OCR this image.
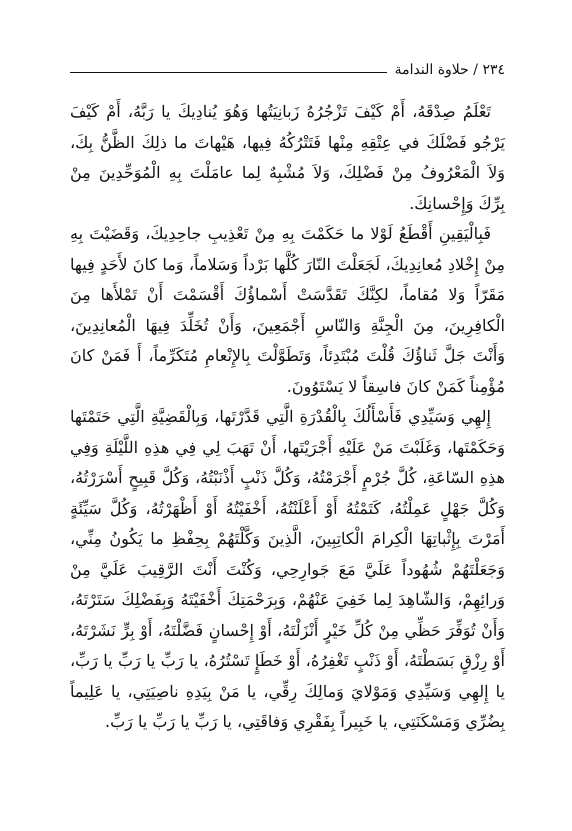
٢٣٤ / حلاوة الندامة

تَعْلَمُ صِدْقَهُ، أَمْ كَيْفَ تَزْجُرُهُ زَبانِيَتُها وَهُوَ يُنادِيكَ يا رَبَّهُ، أَمْ كَيْفَ يَرْجُو فَضْلَكَ في عِتْقِهِ مِنْها فَتَتْرُكُهُ فِيها، هَيْهاتَ ما ذلِكَ الظَّنُّ بِكَ، وَلاَ الْمَعْرُوفُ مِنْ فَضْلِكَ، وَلاَ مُشْبِهٌ لِما عامَلْتَ بِهِ الْمُوَحِّدِينَ مِنْ بِرِّكَ وَإِحْسانِكَ.

فَبِالْيَقِينِ أَقْطَعُ لَوْلا ما حَكَمْتَ بِهِ مِنْ تَعْذِيبِ جاحِدِيكَ، وَقَضَيْتَ بِهِ مِنْ إِخْلادِ مُعانِدِيكَ، لَجَعَلْتَ النّارَ كُلَّها بَرْداً وَسَلاماً، وَما كانَ لأَحَدٍ فِيها مَقَرّاً وَلا مُقاماً، لكِنَّكَ تَقَدَّسَتْ أَسْماؤُكَ أَقْسَمْتَ أَنْ تَمْلأَها مِنَ الْكافِرِينَ، مِنَ الْجِنَّةِ وَالنّاسِ أَجْمَعِينَ، وَأَنْ تُخَلِّدَ فِيهَا الْمُعانِدِينَ، وَأَنْتَ جَلَّ ثَناؤُكَ قُلْتَ مُبْتَدِئاً، وَتَطَوَّلْتَ بِالإِنْعامِ مُتَكَرِّماً، أَ فَمَنْ كانَ مُؤْمِناً كَمَنْ كانَ فاسِقاً لا يَسْتَوُونَ.

إِلهِي وَسَيِّدِي فَأَسْأَلُكَ بِالْقُدْرَةِ الَّتِي قَدَّرْتَها، وَبِالْقَضِيَّةِ الَّتِي حَتَمْتَها وَحَكَمْتَها، وَغَلَبْتَ مَنْ عَلَيْهِ أَجْرَيْتَها، أَنْ تَهَبَ لِي فِي هذِهِ اللَّيْلَةِ وَفِي هذِهِ السّاعَةِ، كُلَّ جُرْمٍ أَجْرَمْتُهُ، وَكُلَّ ذَنْبٍ أَذْنَبْتُهُ، وَكُلَّ قَبِيحٍ أَسْرَرْتُهُ، وَكُلَّ جَهْلٍ عَمِلْتُهُ، كَتَمْتُهُ أَوْ أَعْلَنْتُهُ، أَخْفَيْتُهُ أَوْ أَظْهَرْتُهُ، وَكُلَّ سَيِّئَةٍ أَمَرْتَ بِإِثْباتِهَا الْكِرامَ الْكاتِبِينَ، الَّذِينَ وَكَّلْتَهُمْ بِحِفْظِ ما يَكُونُ مِنِّي، وَجَعَلْتَهُمْ شُهُوداً عَلَيَّ مَعَ جَوارِحِي، وَكُنْتَ أَنْتَ الرَّقِيبَ عَلَيَّ مِنْ وَرائِهِمْ، وَالشّاهِدَ لِما خَفِيَ عَنْهُمْ، وَبِرَحْمَتِكَ أَخْفَيْتَهُ وَبِفَضْلِكَ سَتَرْتَهُ، وَأَنْ تُوَفِّرَ حَظِّي مِنْ كُلِّ خَيْرٍ أَنْزَلْتَهُ، أَوْ إِحْسانٍ فَضَّلْتَهُ، أَوْ بِرٍّ نَشَرْتَهُ، أَوْ رِزْقٍ بَسَطْتَهُ، أَوْ ذَنْبٍ تَغْفِرُهُ، أَوْ خَطَإٍ تَسْتُرُهُ، يا رَبِّ يا رَبِّ يا رَبِّ، يا إِلهِي وَسَيِّدِي وَمَوْلايَ وَمالِكَ رِقِّي، يا مَنْ بِيَدِهِ ناصِيَتِي، يا عَلِيماً بِضُرِّي وَمَسْكَنَتِي، يا خَبِيراً بِفَقْرِي وَفاقَتِي، يا رَبِّ يا رَبِّ يا رَبِّ.
